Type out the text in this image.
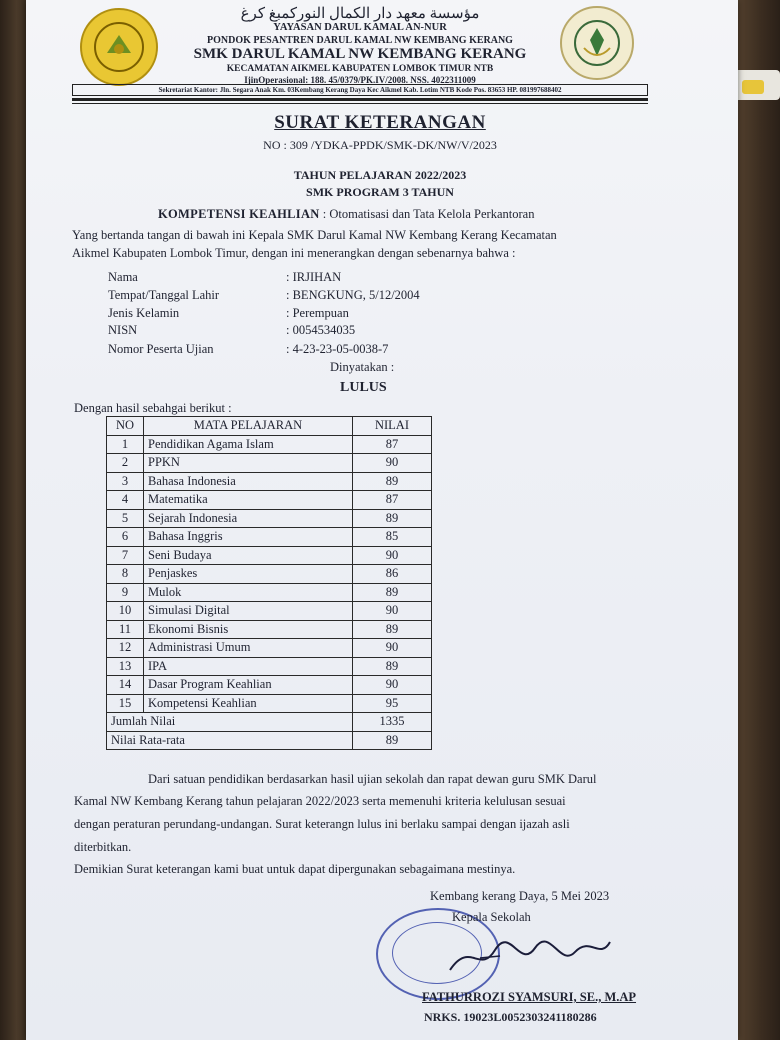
مؤسسة معهد دار الكمال النوركمبغ كرغ
YAYASAN DARUL KAMAL AN-NUR
PONDOK PESANTREN DARUL KAMAL NW KEMBANG KERANG
SMK DARUL KAMAL NW KEMBANG KERANG
KECAMATAN AIKMEL KABUPATEN LOMBOK TIMUR NTB
IjinOperasional: 188. 45/0379/PK.IV/2008. NSS. 4022311009
Sekretariat Kantor: Jln. Segara Anak Km. 03Kembang Kerang Daya Kec Aikmel Kab. Lotim NTB Kode Pos. 83653 HP. 081997688402
SURAT KETERANGAN
NO : 309 /YDKA-PPDK/SMK-DK/NW/V/2023
TAHUN PELAJARAN 2022/2023
SMK PROGRAM 3 TAHUN
KOMPETENSI KEAHLIAN : Otomatisasi dan Tata Kelola Perkantoran
Yang bertanda tangan di bawah ini Kepala SMK Darul Kamal NW Kembang Kerang Kecamatan
Aikmel Kabupaten Lombok Timur, dengan ini menerangkan dengan sebenarnya bahwa :
Nama	: IRJIHAN
Tempat/Tanggal Lahir	: BENGKUNG, 5/12/2004
Jenis Kelamin	: Perempuan
NISN	: 0054534035
Nomor Peserta Ujian	: 4-23-23-05-0038-7
Dinyatakan :
LULUS
Dengan hasil sebahgai berikut :
NO	MATA PELAJARAN	NILAI
1	Pendidikan Agama Islam	87
2	PPKN	90
3	Bahasa Indonesia	89
4	Matematika	87
5	Sejarah Indonesia	89
6	Bahasa Inggris	85
7	Seni Budaya	90
8	Penjaskes	86
9	Mulok	89
10	Simulasi Digital	90
11	Ekonomi Bisnis	89
12	Administrasi Umum	90
13	IPA	89
14	Dasar Program Keahlian	90
15	Kompetensi Keahlian	95
Jumlah Nilai		1335
Nilai Rata-rata		89
Dari satuan pendidikan berdasarkan hasil ujian sekolah dan rapat dewan guru SMK Darul
Kamal NW Kembang Kerang tahun pelajaran 2022/2023 serta memenuhi kriteria kelulusan sesuai
dengan peraturan perundang-undangan. Surat keterangn lulus ini berlaku sampai dengan ijazah asli
diterbitkan.
Demikian Surat keterangan kami buat untuk dapat dipergunakan sebagaimana mestinya.
Kembang kerang Daya, 5 Mei 2023
Kepala Sekolah
FATHURROZI SYAMSURI, SE., M.AP
NRKS. 19023L0052303241180286
